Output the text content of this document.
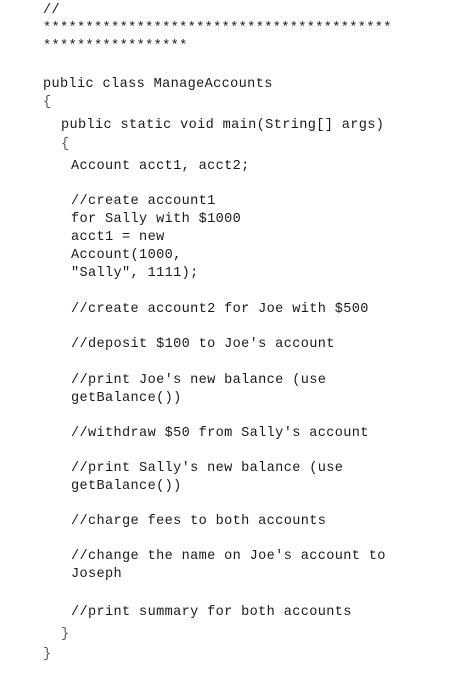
//
*****************************************
*****************
public class ManageAccounts
{
public static void main(String[] args)
{
Account acct1, acct2;
//create account1
for Sally with $1000
acct1 = new
Account(1000,
"Sally", 1111);
//create account2 for Joe with $500
//deposit $100 to Joe's account
//print Joe's new balance (use
getBalance())
//withdraw $50 from Sally's account
//print Sally's new balance (use
getBalance())
//charge fees to both accounts
//change the name on Joe's account to
Joseph
//print summary for both accounts
}
}
